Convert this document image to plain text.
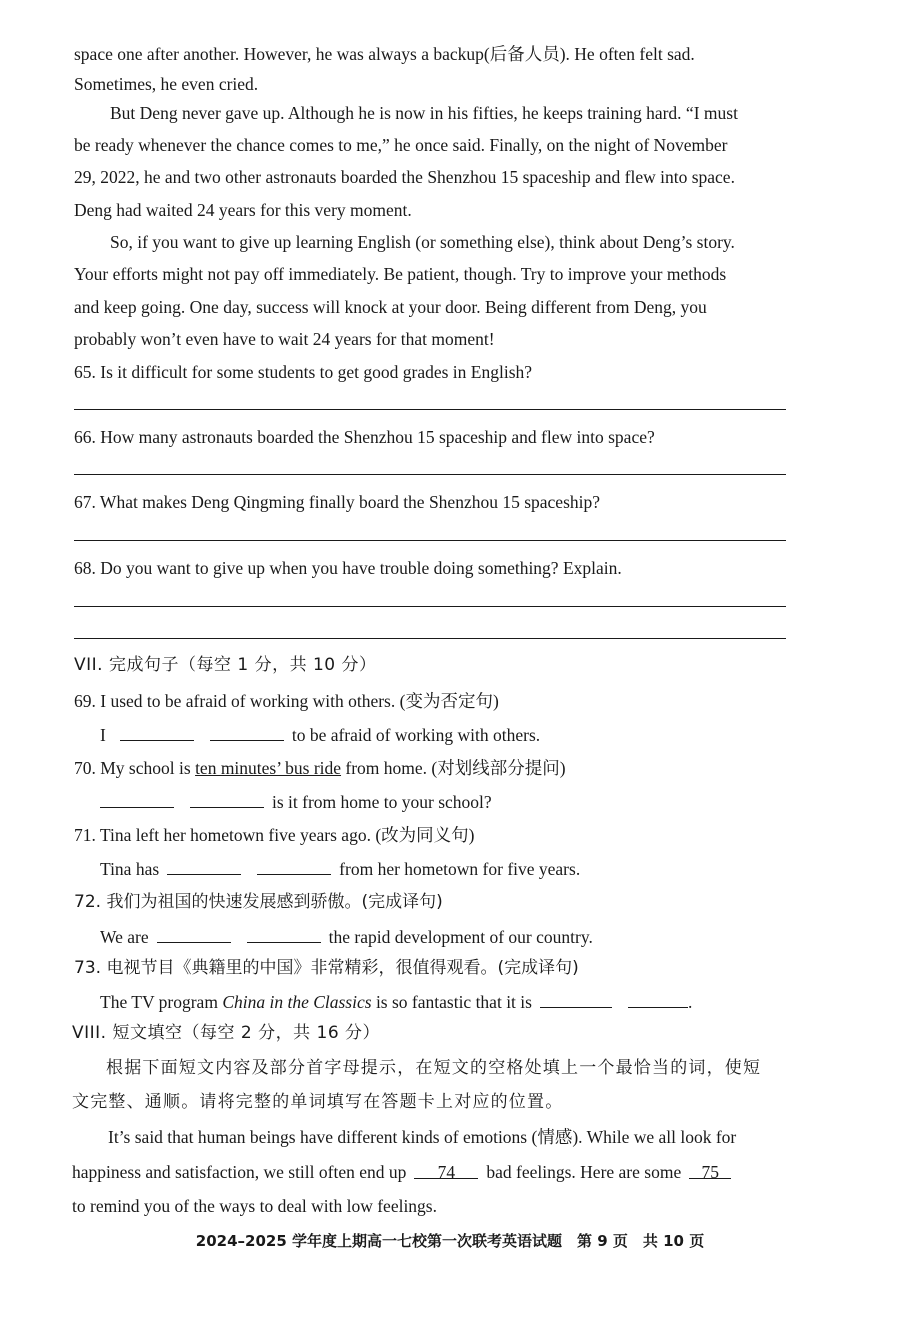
space one after another. However, he was always a backup(后备人员). He often felt sad.
Sometimes, he even cried.
But Deng never gave up. Although he is now in his fifties, he keeps training hard. “I must
be ready whenever the chance comes to me,” he once said. Finally, on the night of November
29, 2022, he and two other astronauts boarded the Shenzhou 15 spaceship and flew into space.
Deng had waited 24 years for this very moment.
So, if you want to give up learning English (or something else), think about Deng’s story.
Your efforts might not pay off immediately. Be patient, though. Try to improve your methods
and keep going. One day, success will knock at your door. Being different from Deng, you
probably won’t even have to wait 24 years for that moment!
65. Is it difficult for some students to get good grades in English?
66. How many astronauts boarded the Shenzhou 15 spaceship and flew into space?
67. What makes Deng Qingming finally board the Shenzhou 15 spaceship?
68. Do you want to give up when you have trouble doing something? Explain.
VII. 完成句子（每空 1 分，共 10 分）
69. I used to be afraid of working with others. (变为否定句)
I	to be afraid of working with others.
70. My school is ten minutes’ bus ride from home. (对划线部分提问)
is it from home to your school?
71. Tina left her hometown five years ago. (改为同义句)
Tina has	from her hometown for five years.
72. 我们为祖国的快速发展感到骄傲。(完成译句)
We are	the rapid development of our country.
73. 电视节目《典籍里的中国》非常精彩，很值得观看。(完成译句)
The TV program China in the Classics is so fantastic that it is	.
VIII. 短文填空（每空 2 分，共 16 分）
根据下面短文内容及部分首字母提示，在短文的空格处填上一个最恰当的词，使短
文完整、通顺。请将完整的单词填写在答题卡上对应的位置。
It’s said that human beings have different kinds of emotions (情感). While we all look for
happiness and satisfaction, we still often end up 74 bad feelings. Here are some 75
to remind you of the ways to deal with low feelings.
2024–2025 学年度上期高一七校第一次联考英语试题　第 9 页　共 10 页
